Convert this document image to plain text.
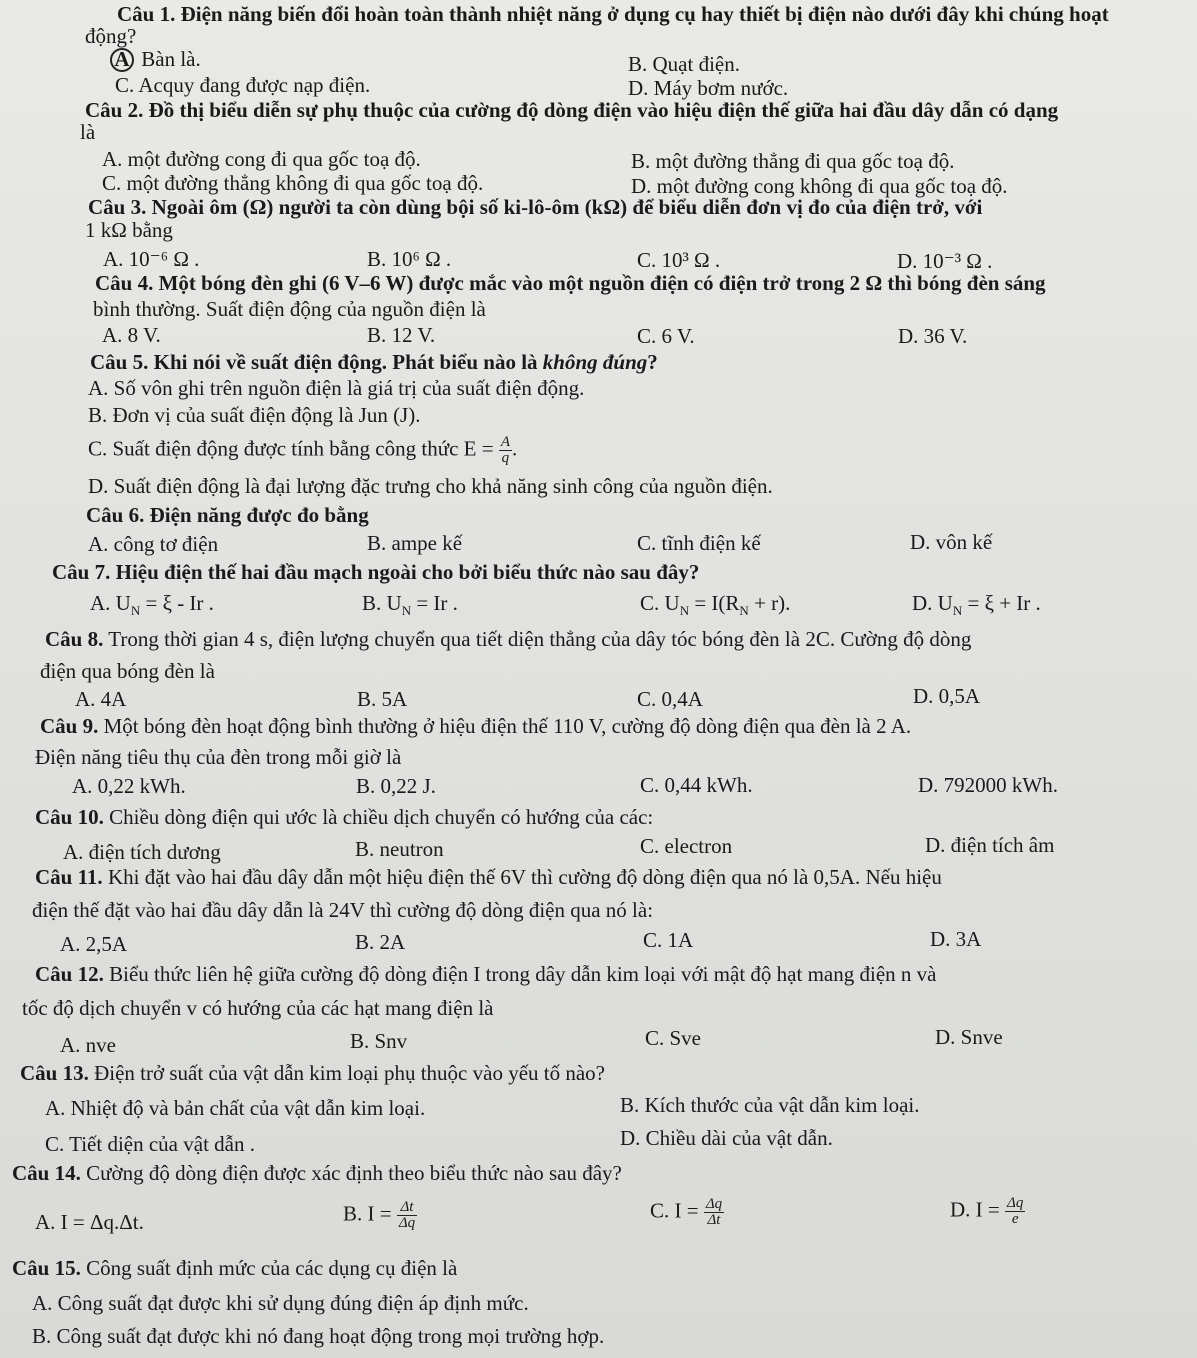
Câu 1. Điện năng biến đổi hoàn toàn thành nhiệt năng ở dụng cụ hay thiết bị điện nào dưới đây khi chúng hoạt
động?
A Bàn là.	B. Quạt điện.
C. Acquy đang được nạp điện.	D. Máy bơm nước.
Câu 2. Đồ thị biểu diễn sự phụ thuộc của cường độ dòng điện vào hiệu điện thế giữa hai đầu dây dẫn có dạng
là
A. một đường cong đi qua gốc toạ độ.	B. một đường thẳng đi qua gốc toạ độ.
C. một đường thẳng không đi qua gốc toạ độ.	D. một đường cong không đi qua gốc toạ độ.
Câu 3. Ngoài ôm (Ω) người ta còn dùng bội số ki-lô-ôm (kΩ) để biểu diễn đơn vị đo của điện trở, với
1 kΩ bằng
A. 10⁻⁶ Ω .	B. 10⁶ Ω .	C. 10³ Ω .	D. 10⁻³ Ω .
Câu 4. Một bóng đèn ghi (6 V–6 W) được mắc vào một nguồn điện có điện trở trong 2 Ω thì bóng đèn sáng
bình thường. Suất điện động của nguồn điện là
A. 8 V.	B. 12 V.	C. 6 V.	D. 36 V.
Câu 5. Khi nói về suất điện động. Phát biểu nào là không đúng?
A. Số vôn ghi trên nguồn điện là giá trị của suất điện động.
B. Đơn vị của suất điện động là Jun (J).
C. Suất điện động được tính bằng công thức $E = \frac{A}{q}$ .
D. Suất điện động là đại lượng đặc trưng cho khả năng sinh công của nguồn điện.
Câu 6. Điện năng được đo bằng
A. công tơ điện	B. ampe kế	C. tĩnh điện kế	D. vôn kế
Câu 7. Hiệu điện thế hai đầu mạch ngoài cho bởi biểu thức nào sau đây?
A. $U_N = \xi - Ir$ .	B. $U_N = Ir$ .	C. $U_N = I(R_N + r)$.	D. $U_N = \xi + Ir$ .
Câu 8. Trong thời gian 4 s, điện lượng chuyển qua tiết diện thẳng của dây tóc bóng đèn là 2C. Cường độ dòng
điện qua bóng đèn là
A. 4A	B. 5A	C. 0,4A	D. 0,5A
Câu 9. Một bóng đèn hoạt động bình thường ở hiệu điện thế 110 V, cường độ dòng điện qua đèn là 2 A.
Điện năng tiêu thụ của đèn trong mỗi giờ là
A. 0,22 kWh.	B. 0,22 J.	C. 0,44 kWh.	D. 792000 kWh.
Câu 10. Chiều dòng điện qui ước là chiều dịch chuyển có hướng của các:
A. điện tích dương	B. neutron	C. electron	D. điện tích âm
Câu 11. Khi đặt vào hai đầu dây dẫn một hiệu điện thế 6V thì cường độ dòng điện qua nó là 0,5A. Nếu hiệu
điện thế đặt vào hai đầu dây dẫn là 24V thì cường độ dòng điện qua nó là:
A. 2,5A	B. 2A	C. 1A	D. 3A
Câu 12. Biểu thức liên hệ giữa cường độ dòng điện I trong dây dẫn kim loại với mật độ hạt mang điện n và
tốc độ dịch chuyển v có hướng của các hạt mang điện là
A. nve	B. Snv	C. Sve	D. Snve
Câu 13. Điện trở suất của vật dẫn kim loại phụ thuộc vào yếu tố nào?
A. Nhiệt độ và bản chất của vật dẫn kim loại.	B. Kích thước của vật dẫn kim loại.
C. Tiết diện của vật dẫn .	D. Chiều dài của vật dẫn.
Câu 14. Cường độ dòng điện được xác định theo biểu thức nào sau đây?
A. I = Δq.Δt.	B. $I = \frac{\Delta t}{\Delta q}$	C. $I = \frac{\Delta q}{\Delta t}$	D. $I = \frac{\Delta q}{e}$
Câu 15. Công suất định mức của các dụng cụ điện là
A. Công suất đạt được khi sử dụng đúng điện áp định mức.
B. Công suất đạt được khi nó đang hoạt động trong mọi trường hợp.
